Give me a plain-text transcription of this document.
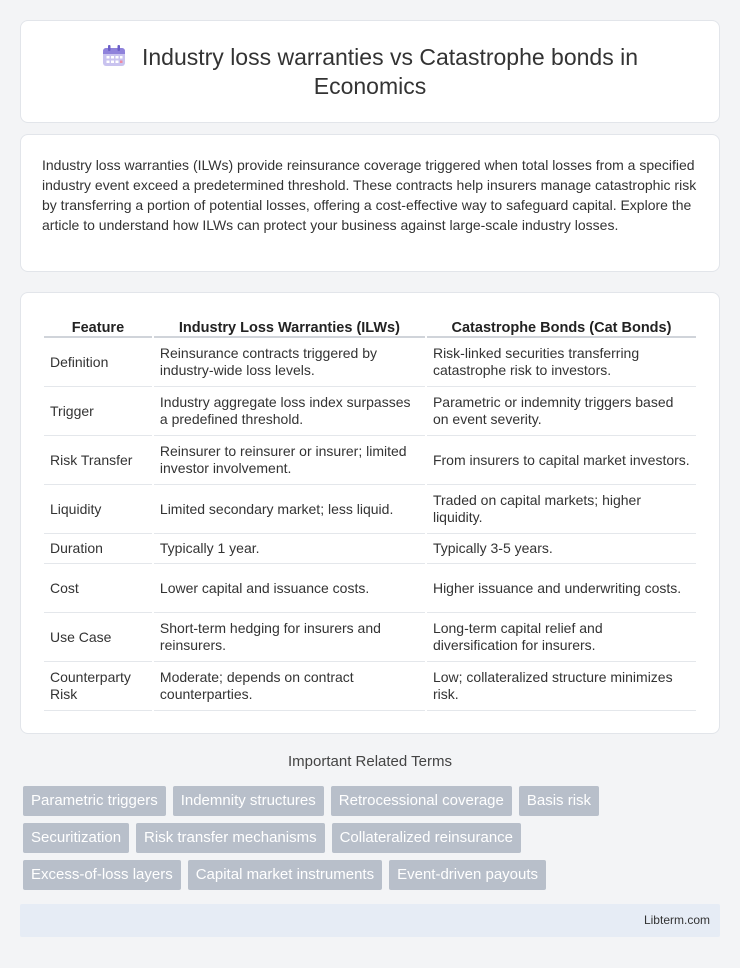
Industry loss warranties vs Catastrophe bonds in
Economics

Industry loss warranties (ILWs) provide reinsurance coverage triggered when total losses from a specified industry event exceed a predetermined threshold. These contracts help insurers manage catastrophic risk by transferring a portion of potential losses, offering a cost-effective way to safeguard capital. Explore the article to understand how ILWs can protect your business against large-scale industry losses.

Feature	Industry Loss Warranties (ILWs)	Catastrophe Bonds (Cat Bonds)
Definition	Reinsurance contracts triggered by industry-wide loss levels.	Risk-linked securities transferring catastrophe risk to investors.
Trigger	Industry aggregate loss index surpasses a predefined threshold.	Parametric or indemnity triggers based on event severity.
Risk Transfer	Reinsurer to reinsurer or insurer; limited investor involvement.	From insurers to capital market investors.
Liquidity	Limited secondary market; less liquid.	Traded on capital markets; higher liquidity.
Duration	Typically 1 year.	Typically 3-5 years.
Cost	Lower capital and issuance costs.	Higher issuance and underwriting costs.
Use Case	Short-term hedging for insurers and reinsurers.	Long-term capital relief and diversification for insurers.
Counterparty Risk	Moderate; depends on contract counterparties.	Low; collateralized structure minimizes risk.
Important Related Terms
Parametric triggers	Indemnity structures	Retrocessional coverage	Basis risk
Securitization	Risk transfer mechanisms	Collateralized reinsurance
Excess-of-loss layers	Capital market instruments	Event-driven payouts
Libterm.com
